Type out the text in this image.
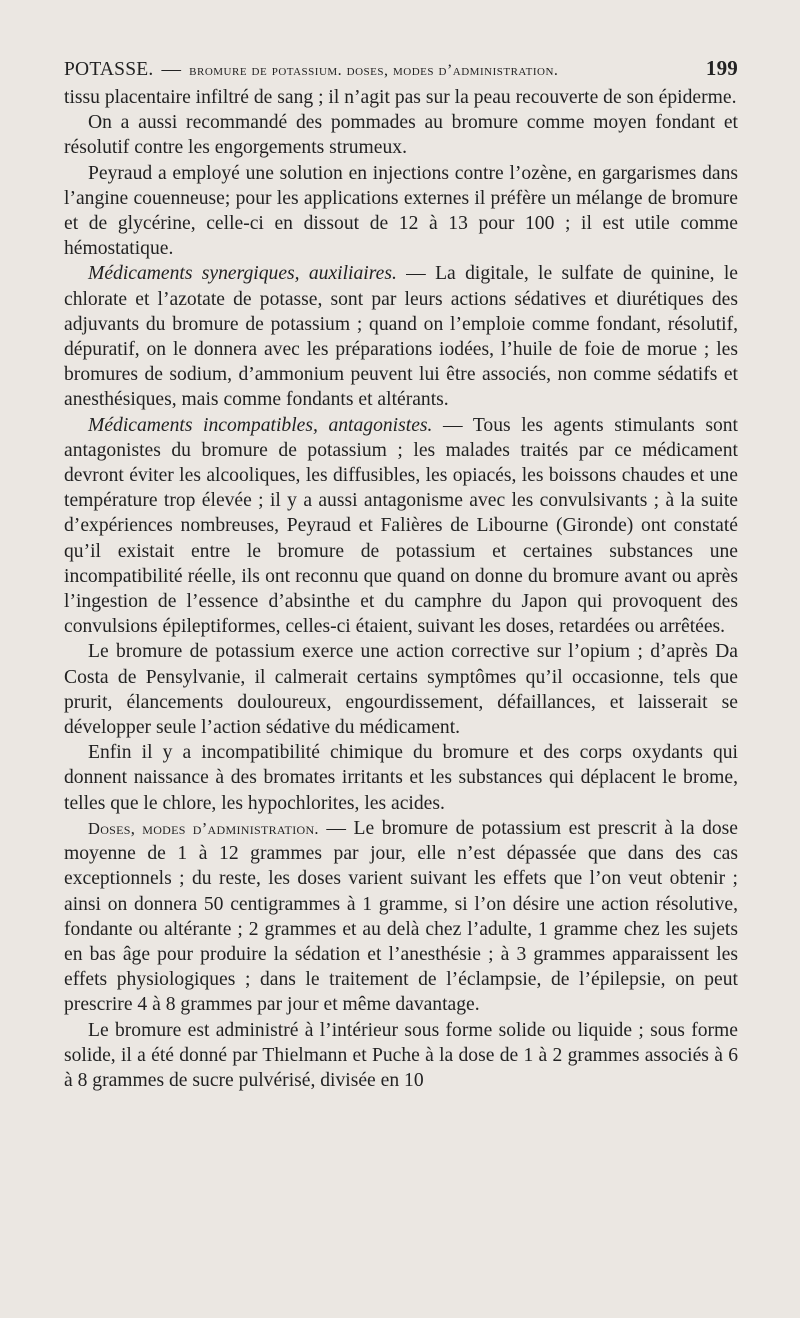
POTASSE. — bromure de potassium. doses, modes d’administration.	199

tissu placentaire infiltré de sang ; il n’agit pas sur la peau recouverte de son épiderme.

On a aussi recommandé des pommades au bromure comme moyen fondant et résolutif contre les engorgements strumeux.

Peyraud a employé une solution en injections contre l’ozène, en gargarismes dans l’angine couenneuse; pour les applications externes il préfère un mélange de bromure et de glycérine, celle-ci en dissout de 12 à 13 pour 100 ; il est utile comme hémostatique.

Médicaments synergiques, auxiliaires. — La digitale, le sulfate de quinine, le chlorate et l’azotate de potasse, sont par leurs actions sédatives et diurétiques des adjuvants du bromure de potassium ; quand on l’emploie comme fondant, résolutif, dépuratif, on le donnera avec les préparations iodées, l’huile de foie de morue ; les bromures de sodium, d’ammonium peuvent lui être associés, non comme sédatifs et anesthésiques, mais comme fondants et altérants.

Médicaments incompatibles, antagonistes. — Tous les agents stimulants sont antagonistes du bromure de potassium ; les malades traités par ce médicament devront éviter les alcooliques, les diffusibles, les opiacés, les boissons chaudes et une température trop élevée ; il y a aussi antagonisme avec les convulsivants ; à la suite d’expériences nombreuses, Peyraud et Falières de Libourne (Gironde) ont constaté qu’il existait entre le bromure de potassium et certaines substances une incompatibilité réelle, ils ont reconnu que quand on donne du bromure avant ou après l’ingestion de l’essence d’absinthe et du camphre du Japon qui provoquent des convulsions épileptiformes, celles-ci étaient, suivant les doses, retardées ou arrêtées.

Le bromure de potassium exerce une action corrective sur l’opium ; d’après Da Costa de Pensylvanie, il calmerait certains symptômes qu’il occasionne, tels que prurit, élancements douloureux, engourdissement, défaillances, et laisserait se développer seule l’action sédative du médicament.

Enfin il y a incompatibilité chimique du bromure et des corps oxydants qui donnent naissance à des bromates irritants et les substances qui déplacent le brome, telles que le chlore, les hypochlorites, les acides.

Doses, modes d’administration. — Le bromure de potassium est prescrit à la dose moyenne de 1 à 12 grammes par jour, elle n’est dépassée que dans des cas exceptionnels ; du reste, les doses varient suivant les effets que l’on veut obtenir ; ainsi on donnera 50 centigrammes à 1 gramme, si l’on désire une action résolutive, fondante ou altérante ; 2 grammes et au delà chez l’adulte, 1 gramme chez les sujets en bas âge pour produire la sédation et l’anesthésie ; à 3 grammes apparaissent les effets physiologiques ; dans le traitement de l’éclampsie, de l’épilepsie, on peut prescrire 4 à 8 grammes par jour et même davantage.

Le bromure est administré à l’intérieur sous forme solide ou liquide ; sous forme solide, il a été donné par Thielmann et Puche à la dose de 1 à 2 grammes associés à 6 à 8 grammes de sucre pulvérisé, divisée en 10
